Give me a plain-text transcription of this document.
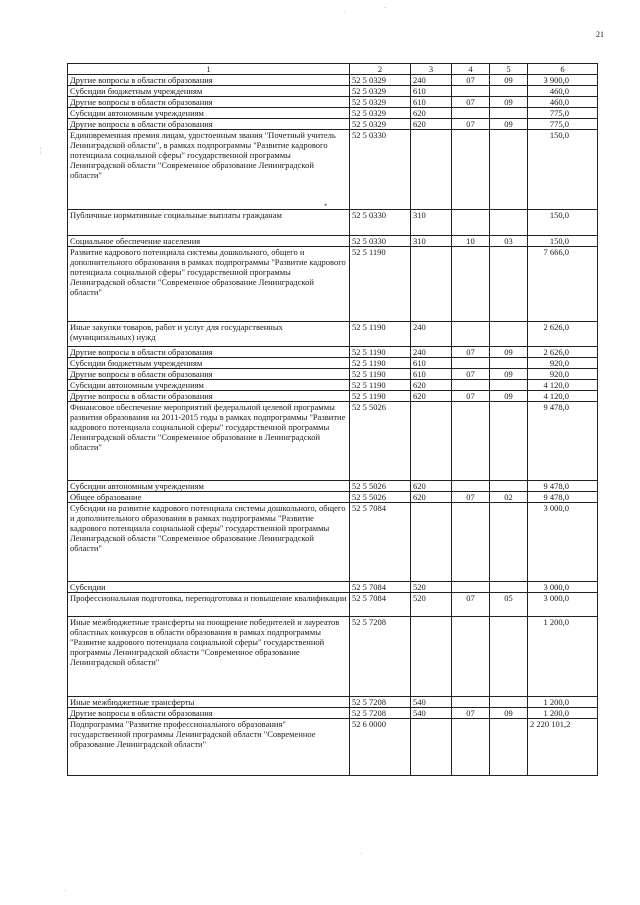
21
.	ˇ
¦
•
.
.
1	2	3	4	5	6
Другие вопросы в области образования	52 5 0329	240	07	09	3 900,0
Субсидии бюджетным учреждениям	52 5 0329	610			460,0
Другие вопросы в области образования	52 5 0329	610	07	09	460,0
Субсидии автономным учреждениям	52 5 0329	620			775,0
Другие вопросы в области образования	52 5 0329	620	07	09	775,0
Единовременная премия лицам, удостоенным звания "Почетный учитель Ленинградской области", в рамках подпрограммы "Развитие кадрового потенциала социальной сферы" государственной программы Ленинградской области "Современное образование Ленинградской области"	52 5 0330				150,0
Публичные нормативные социальные выплаты гражданам	52 5 0330	310			150,0
Социальное обеспечение населения	52 5 0330	310	10	03	150,0
Развитие кадрового потенциала системы дошкольного, общего и дополнительного образования в рамках подпрограммы "Развитие кадрового потенциала социальной сферы" государственной программы Ленинградской области "Современное образование Ленинградской области"	52 5 1190				7 666,0
Иные закупки товаров, работ и услуг для государственных (муниципальных) нужд	52 5 1190	240			2 626,0
Другие вопросы в области образования	52 5 1190	240	07	09	2 626,0
Субсидии бюджетным учреждениям	52 5 1190	610			920,0
Другие вопросы в области образования	52 5 1190	610	07	09	920,0
Субсидии автономным учреждениям	52 5 1190	620			4 120,0
Другие вопросы в области образования	52 5 1190	620	07	09	4 120,0
Финансовое обеспечение мероприятий федеральной целевой программы развития образования на 2011-2015 годы в рамках подпрограммы "Развитие кадрового потенциала социальной сферы" государственной программы Ленинградской области "Современное образование в Ленинградской области"	52 5 5026				9 478,0
Субсидии автономным учреждениям	52 5 5026	620			9 478,0
Общее образование	52 5 5026	620	07	02	9 478,0
Субсидии на развитие кадрового потенциала системы дошкольного, общего и дополнительного образования в рамках подпрограммы "Развитие кадрового потенциала социальной сферы" государственной программы Ленинградской области "Современное образование Ленинградской области"	52 5 7084				3 000,0
Субсидии	52 5 7084	520			3 000,0
Профессиональная подготовка, переподготовка и повышение квалификации	52 5 7084	520	07	05	3 000,0
Иные межбюджетные трансферты на поощрение победителей и лауреатов областных конкурсов в области образования в рамках подпрограммы "Развитие кадрового потенциала социальной сферы" государственной программы Ленинградской области "Современное образование Ленинградской области"	52 5 7208				1 200,0
Иные межбюджетные трансферты	52 5 7208	540			1 200,0
Другие вопросы в области образования	52 5 7208	540	07	09	1 200,0
Подпрограмма "Развитие профессионального образования" государственной программы Ленинградской области "Современное образование Ленинградской области"	52 6 0000				2 220 101,2
